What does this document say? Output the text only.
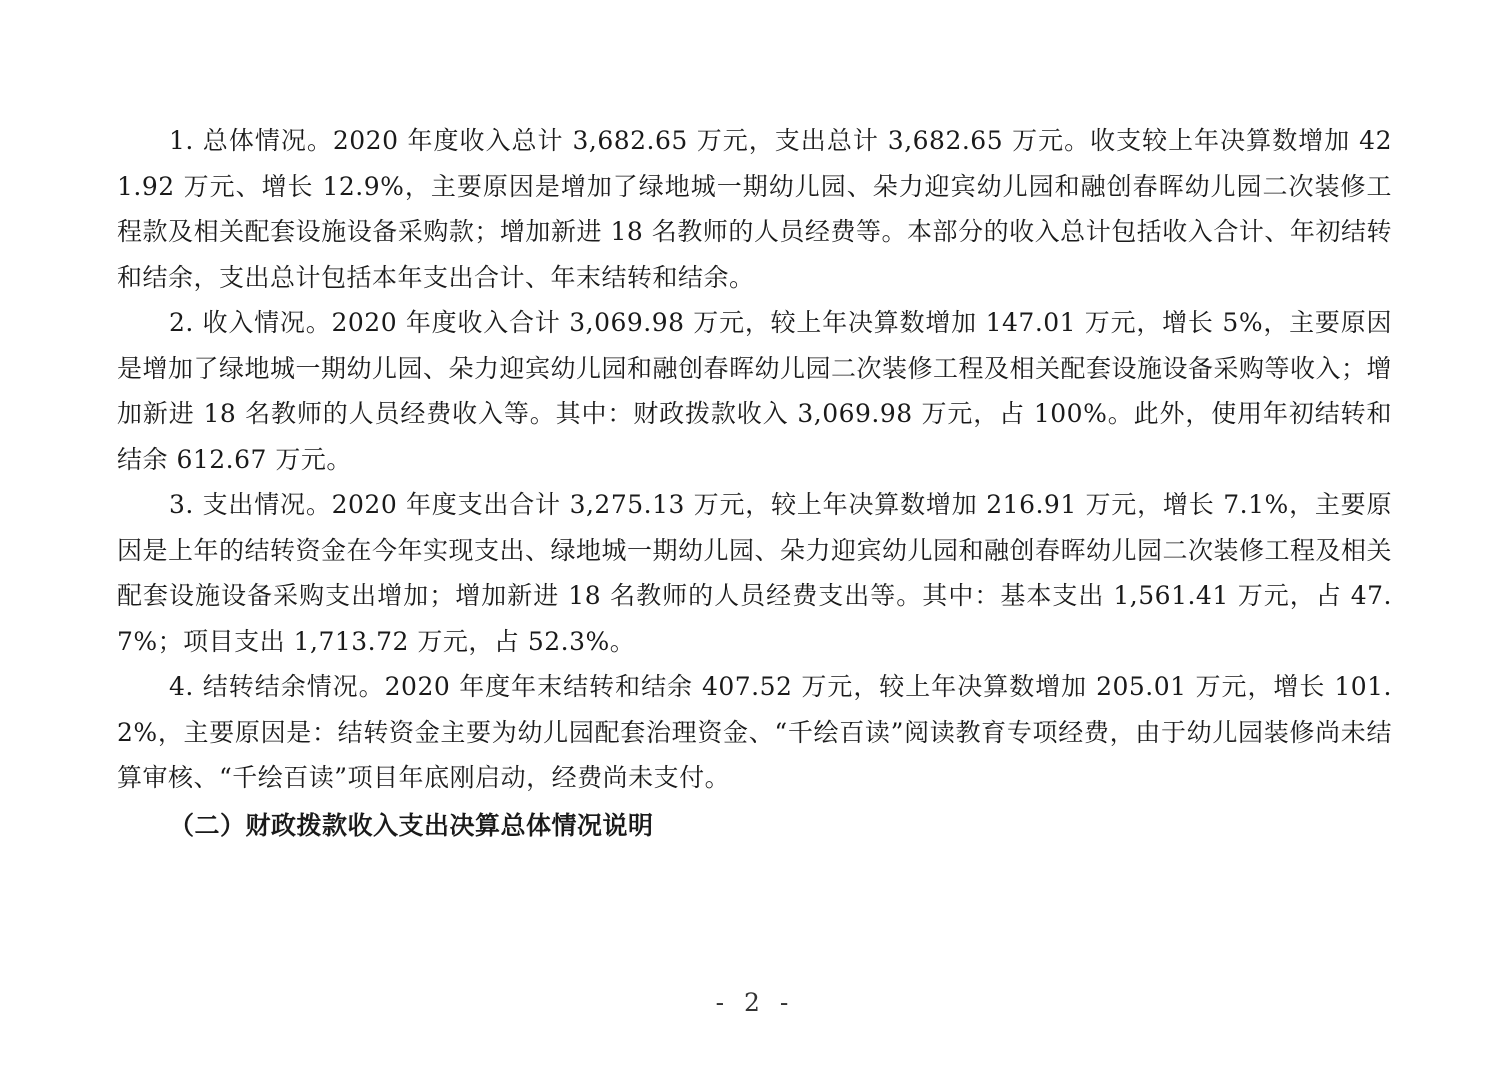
1. 总体情况。2020 年度收入总计 3,682.65 万元，支出总计 3,682.65 万元。收支较上年决算数增加 421.92 万元、增长 12.9%，主要原因是增加了绿地城一期幼儿园、朵力迎宾幼儿园和融创春晖幼儿园二次装修工程款及相关配套设施设备采购款；增加新进 18 名教师的人员经费等。本部分的收入总计包括收入合计、年初结转和结余，支出总计包括本年支出合计、年末结转和结余。

2. 收入情况。2020 年度收入合计 3,069.98 万元，较上年决算数增加 147.01 万元，增长 5%，主要原因是增加了绿地城一期幼儿园、朵力迎宾幼儿园和融创春晖幼儿园二次装修工程及相关配套设施设备采购等收入；增加新进 18 名教师的人员经费收入等。其中：财政拨款收入 3,069.98 万元，占 100%。此外，使用年初结转和结余 612.67 万元。

3. 支出情况。2020 年度支出合计 3,275.13 万元，较上年决算数增加 216.91 万元，增长 7.1%，主要原因是上年的结转资金在今年实现支出、绿地城一期幼儿园、朵力迎宾幼儿园和融创春晖幼儿园二次装修工程及相关配套设施设备采购支出增加；增加新进 18 名教师的人员经费支出等。其中：基本支出 1,561.41 万元，占 47.7%；项目支出 1,713.72 万元，占 52.3%。

4. 结转结余情况。2020 年度年末结转和结余 407.52 万元，较上年决算数增加 205.01 万元，增长 101.2%，主要原因是：结转资金主要为幼儿园配套治理资金、“千绘百读”阅读教育专项经费，由于幼儿园装修尚未结算审核、“千绘百读”项目年底刚启动，经费尚未支付。

（二）财政拨款收入支出决算总体情况说明

- 2 -
